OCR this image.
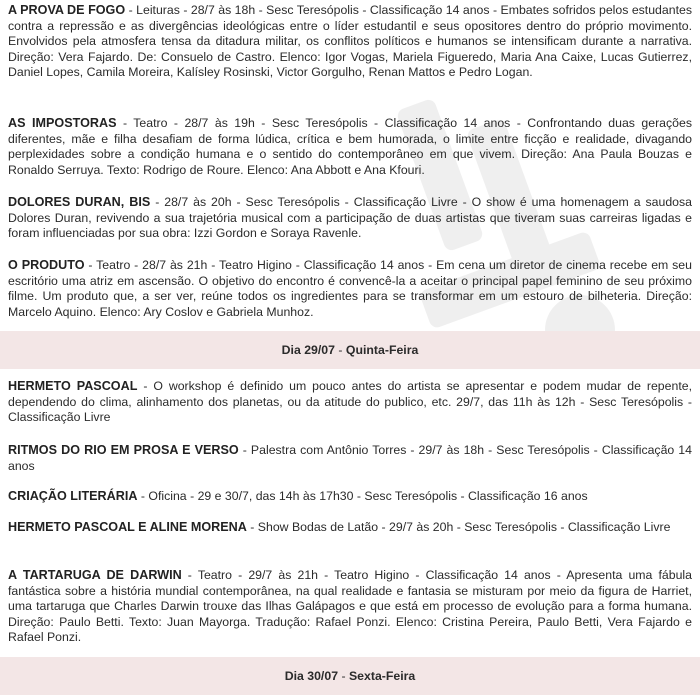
A PROVA DE FOGO - Leituras - 28/7 às 18h - Sesc Teresópolis - Classificação 14 anos - Embates sofridos pelos estudantes contra a repressão e as divergências ideológicas entre o líder estudantil e seus opositores dentro do próprio movimento. Envolvidos pela atmosfera tensa da ditadura militar, os conflitos políticos e humanos se intensificam durante a narrativa. Direção: Vera Fajardo. De: Consuelo de Castro. Elenco: Igor Vogas, Mariela Figueredo, Maria Ana Caixe, Lucas Gutierrez, Daniel Lopes, Camila Moreira, Kalísley Rosinski, Victor Gorgulho, Renan Mattos e Pedro Logan.

AS IMPOSTORAS - Teatro - 28/7 às 19h - Sesc Teresópolis - Classificação 14 anos - Confrontando duas gerações diferentes, mãe e filha desafiam de forma lúdica, crítica e bem humorada, o limite entre ficção e realidade, divagando perplexidades sobre a condição humana e o sentido do contemporâneo em que vivem. Direção: Ana Paula Bouzas e Ronaldo Serruya. Texto: Rodrigo de Roure. Elenco: Ana Abbott e Ana Kfouri.

DOLORES DURAN, BIS - 28/7 às 20h - Sesc Teresópolis - Classificação Livre - O show é uma homenagem a saudosa Dolores Duran, revivendo a sua trajetória musical com a participação de duas artistas que tiveram suas carreiras ligadas e foram influenciadas por sua obra: Izzi Gordon e Soraya Ravenle.

O PRODUTO - Teatro - 28/7 às 21h - Teatro Higino - Classificação 14 anos - Em cena um diretor de cinema recebe em seu escritório uma atriz em ascensão. O objetivo do encontro é convencê-la a aceitar o principal papel feminino de seu próximo filme. Um produto que, a ser ver, reúne todos os ingredientes para se transformar em um estouro de bilheteria. Direção: Marcelo Aquino. Elenco: Ary Coslov e Gabriela Munhoz.

Dia 29/07 - Quinta-Feira

HERMETO PASCOAL - O workshop é definido um pouco antes do artista se apresentar e podem mudar de repente, dependendo do clima, alinhamento dos planetas, ou da atitude do publico, etc. 29/7, das 11h às 12h - Sesc Teresópolis - Classificação Livre

RITMOS DO RIO EM PROSA E VERSO - Palestra com Antônio Torres - 29/7 às 18h - Sesc Teresópolis - Classificação 14 anos

CRIAÇÃO LITERÁRIA - Oficina - 29 e 30/7, das 14h às 17h30 - Sesc Teresópolis - Classificação 16 anos

HERMETO PASCOAL E ALINE MORENA - Show Bodas de Latão - 29/7 às 20h - Sesc Teresópolis - Classificação Livre

A TARTARUGA DE DARWIN - Teatro - 29/7 às 21h - Teatro Higino - Classificação 14 anos - Apresenta uma fábula fantástica sobre a história mundial contemporânea, na qual realidade e fantasia se misturam por meio da figura de Harriet, uma tartaruga que Charles Darwin trouxe das Ilhas Galápagos e que está em processo de evolução para a forma humana. Direção: Paulo Betti. Texto: Juan Mayorga. Tradução: Rafael Ponzi. Elenco: Cristina Pereira, Paulo Betti, Vera Fajardo e Rafael Ponzi.

Dia 30/07 - Sexta-Feira
